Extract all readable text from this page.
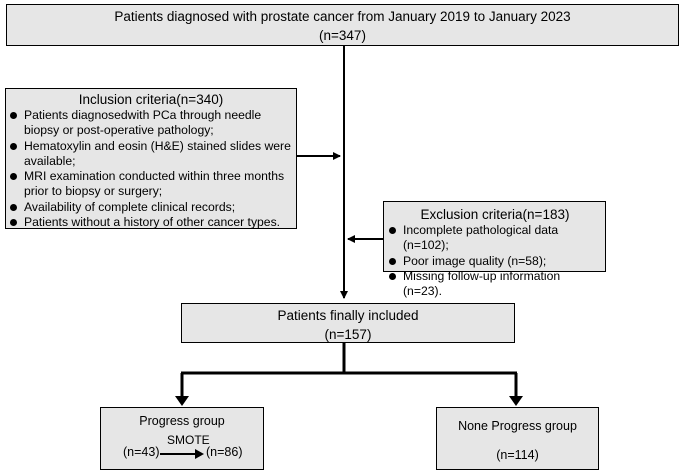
Patients diagnosed with prostate cancer from January 2019 to January 2023
(n=347)
Inclusion criteria(n=340)
Patients diagnosedwith PCa through needle biopsy or post-operative pathology;
Hematoxylin and eosin (H&E) stained slides were available;
MRI examination conducted within three months prior to biopsy or surgery;
Availability of complete clinical records;
Patients without a history of other cancer types.
Exclusion criteria(n=183)
Incomplete pathological data (n=102);
Poor image quality (n=58);
Missing follow-up information (n=23).
Patients finally included
(n=157)
Progress group
SMOTE
(n=43)	(n=86)
None Progress group
(n=114)
